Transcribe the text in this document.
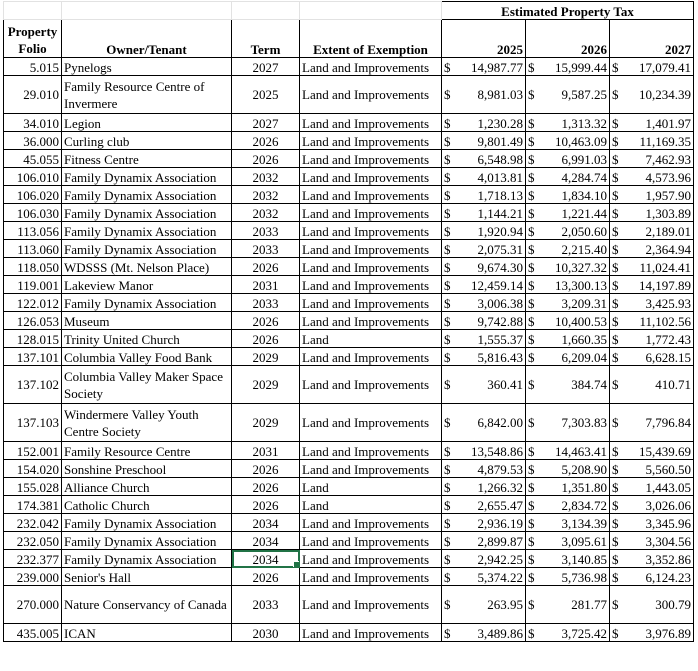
				Estimated Property Tax		
Property Folio	Owner/Tenant	Term	Extent of Exemption	2025	2026	2027
5.015	Pynelogs	2027	Land and Improvements	$ 14,987.77	$ 15,999.44	$ 17,079.41

29.010	Family Resource Centre of Invermere	2025	Land and Improvements	$ 8,981.03	$ 9,587.25	$ 10,234.39

34.010	Legion	2027	Land and Improvements	$ 1,230.28	$ 1,313.32	$ 1,401.97

36.000	Curling club	2026	Land and Improvements	$ 9,801.49	$ 10,463.09	$ 11,169.35

45.055	Fitness Centre	2026	Land and Improvements	$ 6,548.98	$ 6,991.03	$ 7,462.93

106.010	Family Dynamix Association	2032	Land and Improvements	$ 4,013.81	$ 4,284.74	$ 4,573.96

106.020	Family Dynamix Association	2032	Land and Improvements	$ 1,718.13	$ 1,834.10	$ 1,957.90

106.030	Family Dynamix Association	2032	Land and Improvements	$ 1,144.21	$ 1,221.44	$ 1,303.89

113.056	Family Dynamix Association	2033	Land and Improvements	$ 1,920.94	$ 2,050.60	$ 2,189.01

113.060	Family Dynamix Association	2033	Land and Improvements	$ 2,075.31	$ 2,215.40	$ 2,364.94

118.050	WDSSS (Mt. Nelson Place)	2026	Land and Improvements	$ 9,674.30	$ 10,327.32	$ 11,024.41

119.001	Lakeview Manor	2031	Land and Improvements	$ 12,459.14	$ 13,300.13	$ 14,197.89

122.012	Family Dynamix Association	2033	Land and Improvements	$ 3,006.38	$ 3,209.31	$ 3,425.93

126.053	Museum	2026	Land and Improvements	$ 9,742.88	$ 10,400.53	$ 11,102.56

128.015	Trinity United Church	2026	Land	$ 1,555.37	$ 1,660.35	$ 1,772.43

137.101	Columbia Valley Food Bank	2029	Land and Improvements	$ 5,816.43	$ 6,209.04	$ 6,628.15

137.102	Columbia Valley Maker Space Society	2029	Land and Improvements	$ 360.41	$ 384.74	$ 410.71

137.103	Windermere Valley Youth Centre Society	2029	Land and Improvements	$ 6,842.00	$ 7,303.83	$ 7,796.84

152.001	Family Resource Centre	2031	Land and Improvements	$ 13,548.86	$ 14,463.41	$ 15,439.69

154.020	Sonshine Preschool	2026	Land and Improvements	$ 4,879.53	$ 5,208.90	$ 5,560.50

155.028	Alliance Church	2026	Land	$ 1,266.32	$ 1,351.80	$ 1,443.05

174.381	Catholic Church	2026	Land	$ 2,655.47	$ 2,834.72	$ 3,026.06

232.042	Family Dynamix Association	2034	Land and Improvements	$ 2,936.19	$ 3,134.39	$ 3,345.96

232.050	Family Dynamix Association	2034	Land and Improvements	$ 2,899.87	$ 3,095.61	$ 3,304.56

232.377	Family Dynamix Association	2034	Land and Improvements	$ 2,942.25	$ 3,140.85	$ 3,352.86

239.000	Senior's Hall	2026	Land and Improvements	$ 5,374.22	$ 5,736.98	$ 6,124.23

270.000	Nature Conservancy of Canada	2033	Land and Improvements	$ 263.95	$ 281.77	$ 300.79

435.005	ICAN	2030	Land and Improvements	$ 3,489.86	$ 3,725.42	$ 3,976.89
